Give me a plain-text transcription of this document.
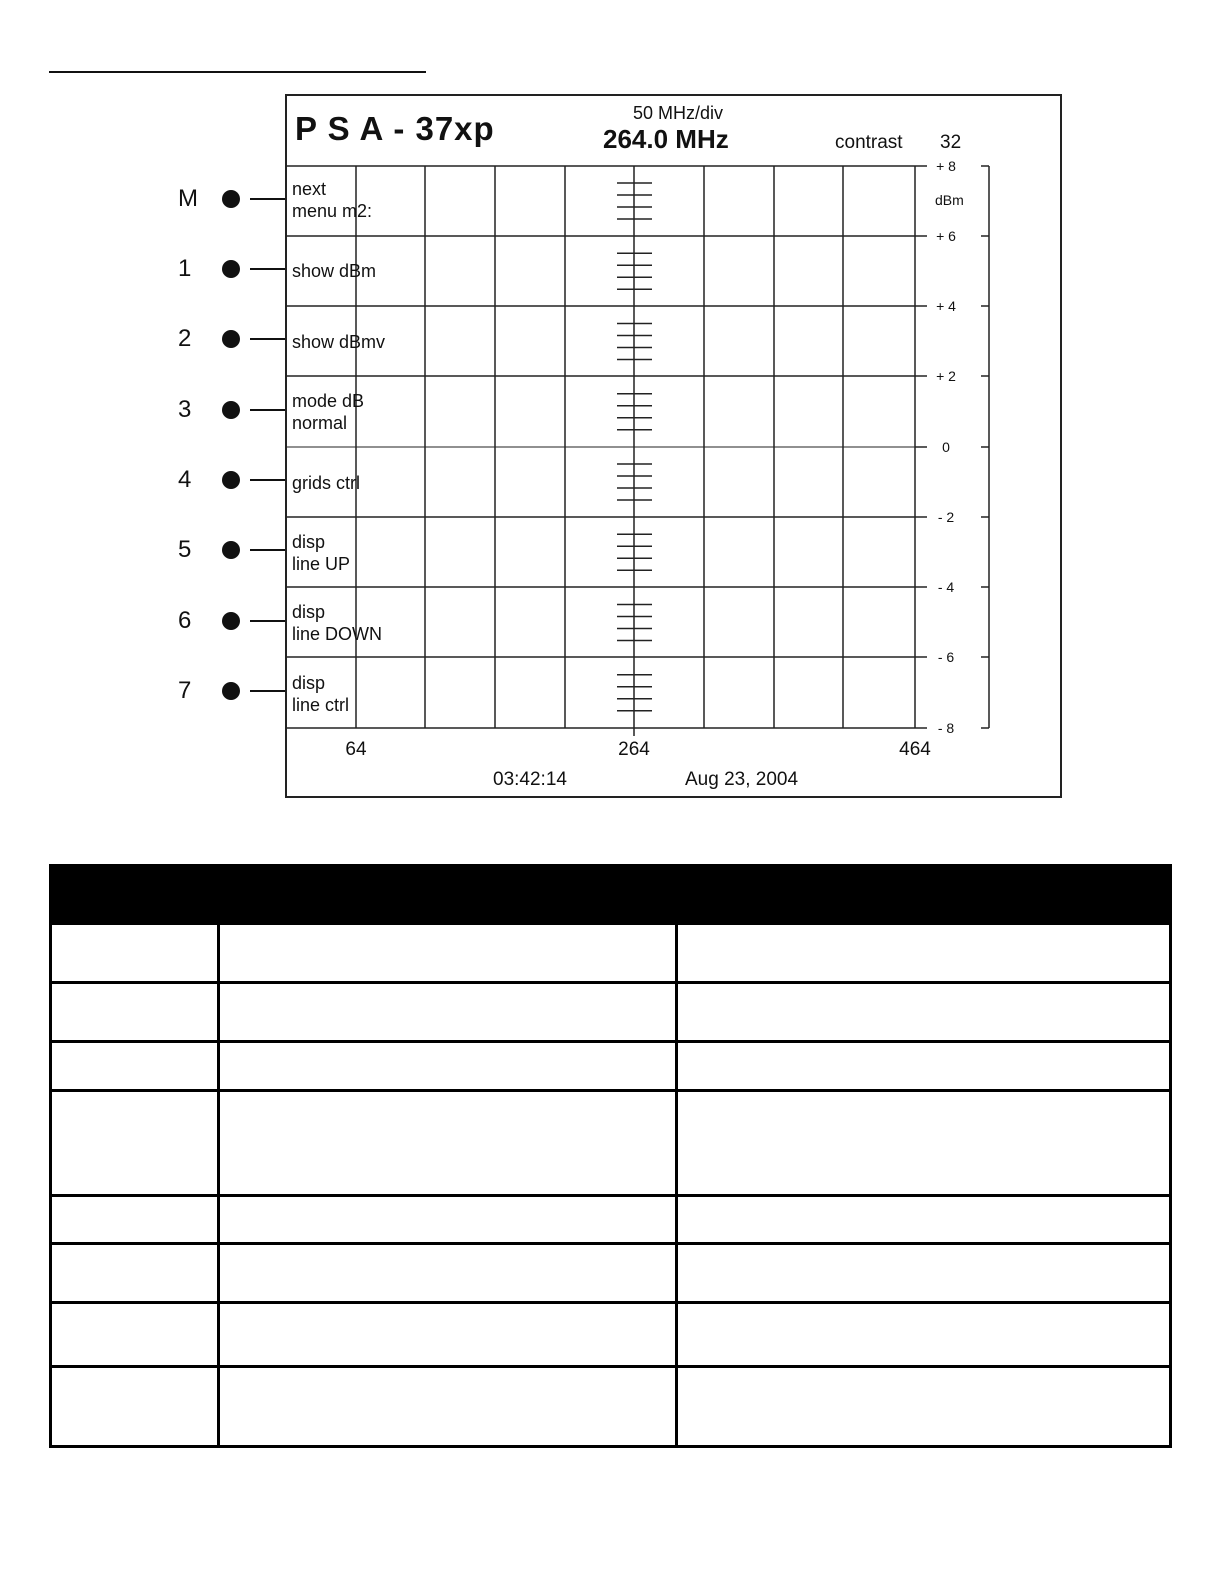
M
1
2
3
4
5
6
7
P S A - 37xp	50 MHz/div
264.0 MHz	contrast 32
dBm
+ 8
+ 6
+ 4
+ 2
0
- 2
- 4
- 6
- 8
next
menu m2:
show dBm
show dBmv
mode dB
normal
grids ctrl
disp
line UP
disp
line DOWN
disp
line ctrl
64	264	464
03:42:14	Aug 23, 2004
